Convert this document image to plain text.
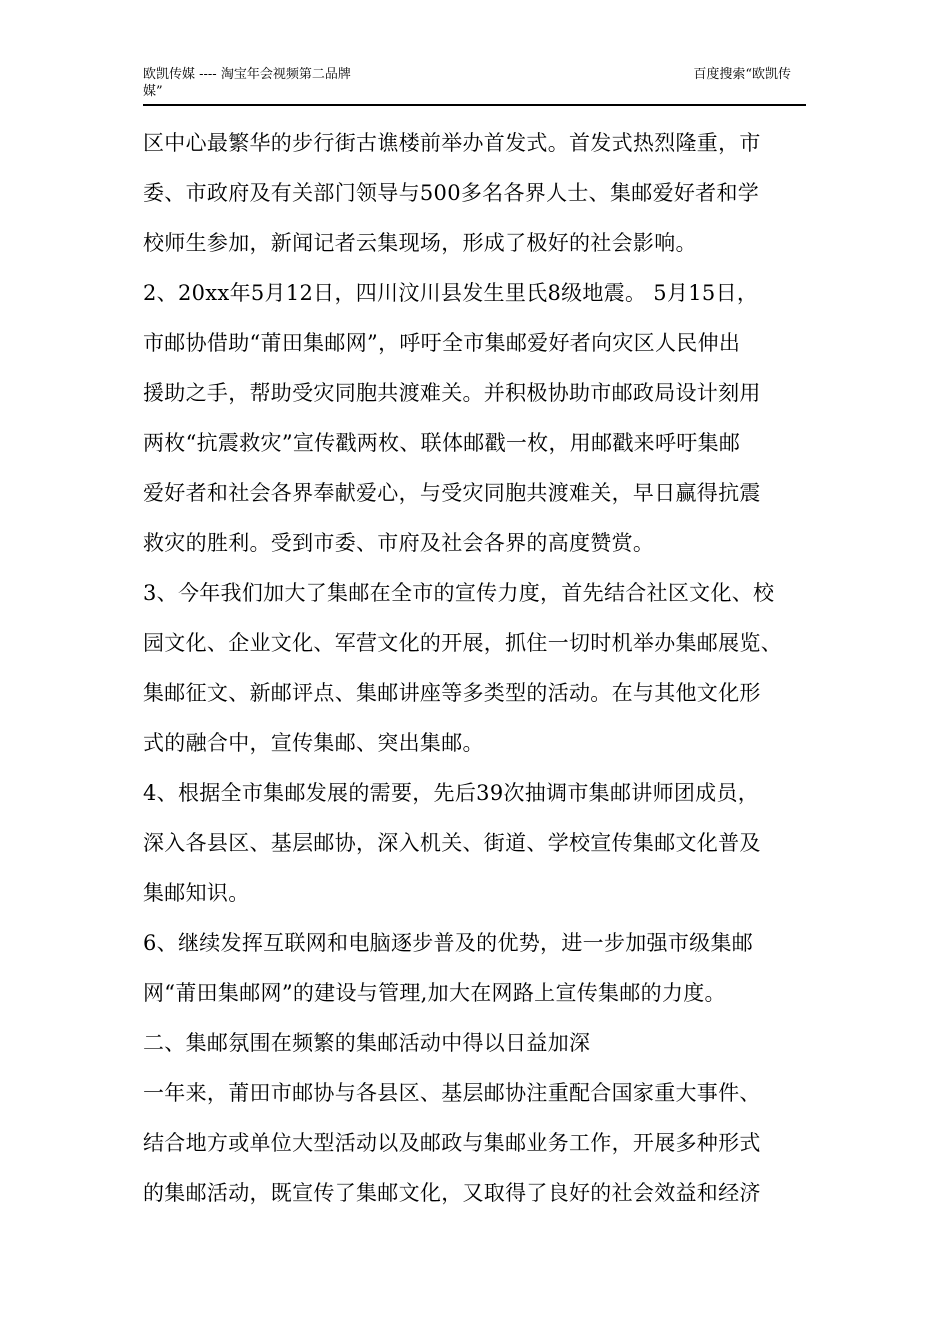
欧凯传媒 ---- 淘宝年会视频第二品牌
媒”
百度搜索“欧凯传
区中心最繁华的步行街古谯楼前举办首发式。首发式热烈隆重，市
委、市政府及有关部门领导与500多名各界人士、集邮爱好者和学
校师生参加，新闻记者云集现场，形成了极好的社会影响。
2、20xx年5月12日，四川汶川县发生里氏8级地震。 5月15日，
市邮协借助“莆田集邮网”，呼吁全市集邮爱好者向灾区人民伸出
援助之手，帮助受灾同胞共渡难关。并积极协助市邮政局设计刻用
两枚“抗震救灾”宣传戳两枚、联体邮戳一枚，用邮戳来呼吁集邮
爱好者和社会各界奉献爱心，与受灾同胞共渡难关，早日赢得抗震
救灾的胜利。受到市委、市府及社会各界的高度赞赏。
3、今年我们加大了集邮在全市的宣传力度，首先结合社区文化、校
园文化、企业文化、军营文化的开展，抓住一切时机举办集邮展览、
集邮征文、新邮评点、集邮讲座等多类型的活动。在与其他文化形
式的融合中，宣传集邮、突出集邮。
4、根据全市集邮发展的需要，先后39次抽调市集邮讲师团成员，
深入各县区、基层邮协，深入机关、街道、学校宣传集邮文化普及
集邮知识。
6、继续发挥互联网和电脑逐步普及的优势，进一步加强市级集邮
网“莆田集邮网”的建设与管理,加大在网路上宣传集邮的力度。
二、集邮氛围在频繁的集邮活动中得以日益加深
一年来，莆田市邮协与各县区、基层邮协注重配合国家重大事件、
结合地方或单位大型活动以及邮政与集邮业务工作，开展多种形式
的集邮活动，既宣传了集邮文化，又取得了良好的社会效益和经济
